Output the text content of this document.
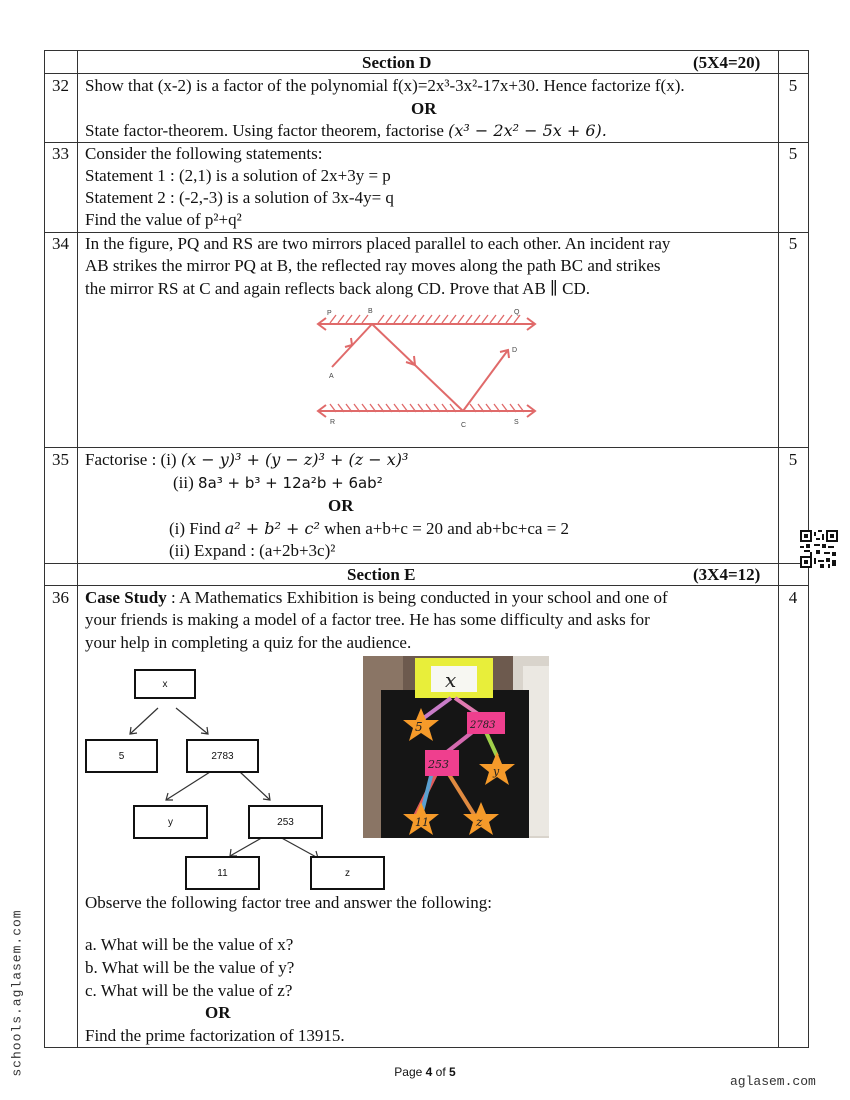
Section D	(5X4=20)
32 Show that (x-2) is a factor of the polynomial f(x)=2x³-3x²-17x+30. Hence factorize f(x).
OR
State factor-theorem. Using factor theorem, factorise (x³ − 2x² − 5x + 6).
5
33 Consider the following statements:
Statement 1 : (2,1) is a solution of 2x+3y = p
Statement 2 : (-2,-3) is a solution of 3x-4y= q
Find the value of p²+q²
5
34 In the figure, PQ and RS are two mirrors placed parallel to each other. An incident ray
AB strikes the mirror PQ at B, the reflected ray moves along the path BC and strikes
the mirror RS at C and again reflects back along CD. Prove that AB ∥ CD.
5
P	B	Q
A
D
R	C	S
35 Factorise : (i) (x − y)³ + (y − z)³ + (z − x)³
(ii) 8a³ + b³ + 12a²b + 6ab²
OR
(i) Find a² + b² + c² when a+b+c = 20 and ab+bc+ca = 2
(ii) Expand : (a+2b+3c)²
5
Section E	(3X4=12)
36 Case Study : A Mathematics Exhibition is being conducted in your school and one of
your friends is making a model of a factor tree. He has some difficulty and asks for
your help in completing a quiz for the audience.
4
x
5	2783
y	253
11	z
x
5	2783
253
y
11	z
Observe the following factor tree and answer the following:
a. What will be the value of x?
b. What will be the value of y?
c. What will be the value of z?
OR
Find the prime factorization of 13915.
schools.aglasem.com	Page 4 of 5
aglasem.com
